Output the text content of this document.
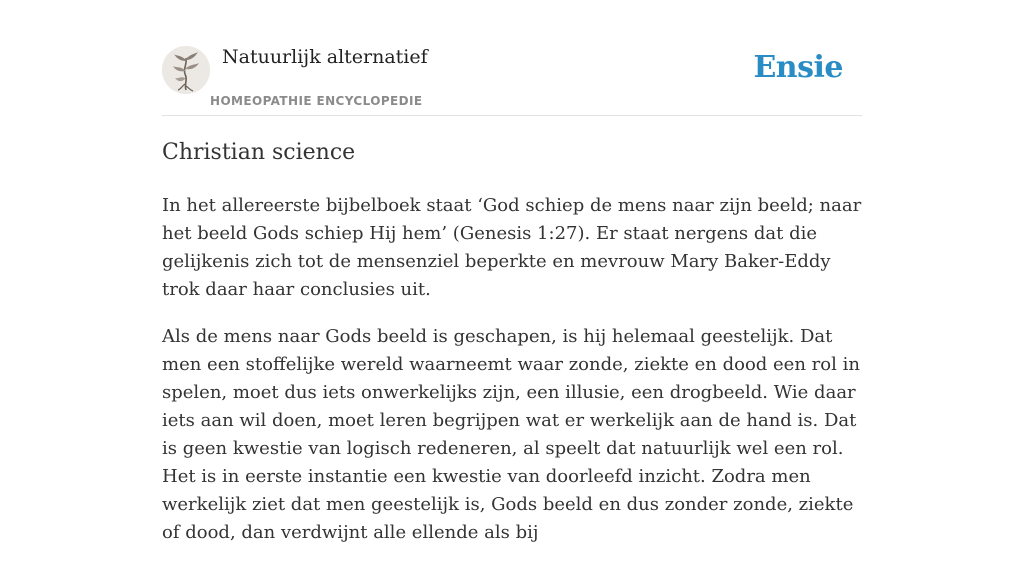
Natuurlijk alternatief
HOMEOPATHIE ENCYCLOPEDIE
Ensie
Christian science

In het allereerste bijbelboek staat ‘God schiep de mens naar zijn beeld; naar het beeld Gods schiep Hij hem’ (Genesis 1:27). Er staat nergens dat die gelijkenis zich tot de mensenziel beperkte en mevrouw Mary Baker-Eddy trok daar haar conclusies uit.

Als de mens naar Gods beeld is geschapen, is hij helemaal geestelijk. Dat men een stoffelijke wereld waarneemt waar zonde, ziekte en dood een rol in spelen, moet dus iets onwerkelijks zijn, een illusie, een drogbeeld. Wie daar iets aan wil doen, moet leren begrijpen wat er werkelijk aan de hand is. Dat is geen kwestie van logisch redeneren, al speelt dat natuurlijk wel een rol. Het is in eerste instantie een kwestie van doorleefd inzicht. Zodra men werkelijk ziet dat men geestelijk is, Gods beeld en dus zonder zonde, ziekte of dood, dan verdwijnt alle ellende als bij
